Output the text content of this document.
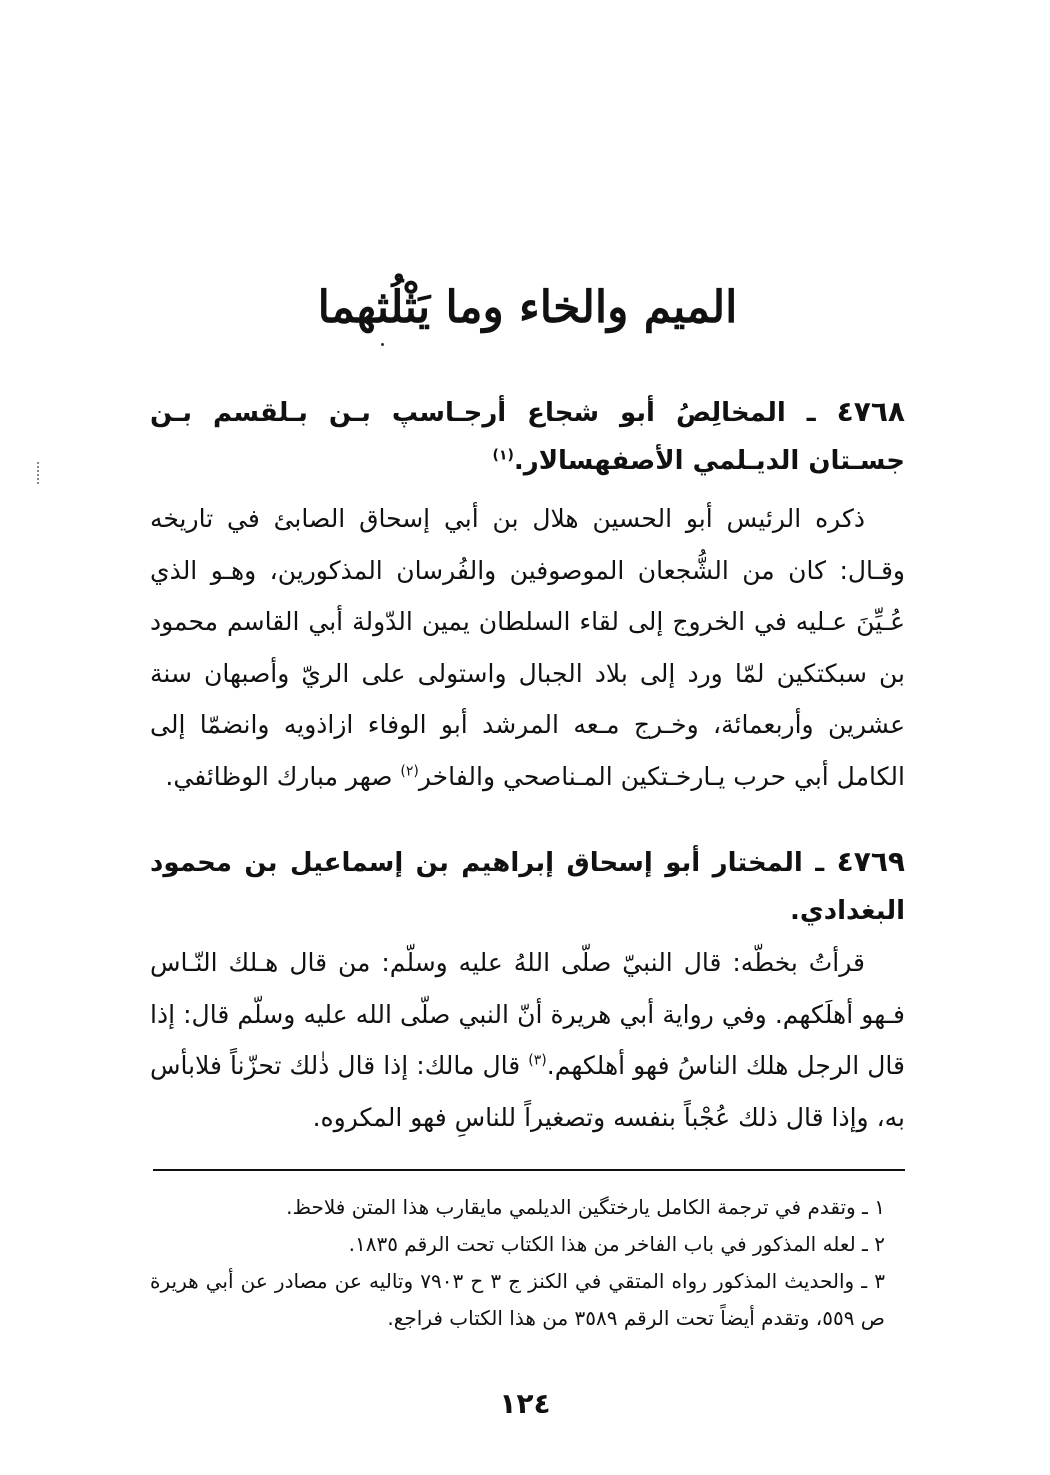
الميم والخاء وما يَثْلُثهما

٤٧٦٨ ـ المخالِصُ أبو شجاع أرجـاسپ بـن بـلقسم بـن جسـتان الديـلمي الأصفهسالار.$^{(١)}$

ذكره الرئيس أبو الحسين هلال بن أبي إسحاق الصابئ في تاريخه وقـال: كان من الشُّجعان الموصوفين والفُرسان المذكورين، وهـو الذي عُـيِّنَ عـليه في الخروج إلى لقاء السلطان يمين الدّولة أبي القاسم محمود بن سبكتكين لمّا ورد إلى بلاد الجبال واستولى على الريّ وأصبهان سنة عشرين وأربعمائة، وخـرج مـعه المرشد أبو الوفاء ازاذويه وانضمّا إلى الكامل أبي حرب يـارخـتكين المـناصحي والفاخر$^{(٢)}$ صهر مبارك الوظائفي.

٤٧٦٩ ـ المختار أبو إسحاق إبراهيم بن إسماعيل بن محمود البغدادي.

قرأتُ بخطّه: قال النبيّ صلّى اللهُ عليه وسلّم: من قال هـلك النّـاس فـهو أهلَكهم. وفي رواية أبي هريرة أنّ النبي صلّى الله عليه وسلّم قال: إذا قال الرجل هلك الناسُ فهو أهلكهم.$^{(٣)}$ قال مالك: إذا قال ذٰلك تحزّناً فلابأس به، وإذا قال ذلك عُجْباً بنفسه وتصغيراً للناسِ فهو المكروه.

١ ـ وتقدم في ترجمة الكامل يارختگين الديلمي مايقارب هذا المتن فلاحظ.

٢ ـ لعله المذكور في باب الفاخر من هذا الكتاب تحت الرقم ١٨٣٥.

٣ ـ والحديث المذكور رواه المتقي في الكنز ج ٣ ح ٧٩٠٣ وتاليه عن مصادر عن أبي هريرة ص ٥٥٩، وتقدم أيضاً تحت الرقم ٣٥٨٩ من هذا الكتاب فراجع.

١٢٤
